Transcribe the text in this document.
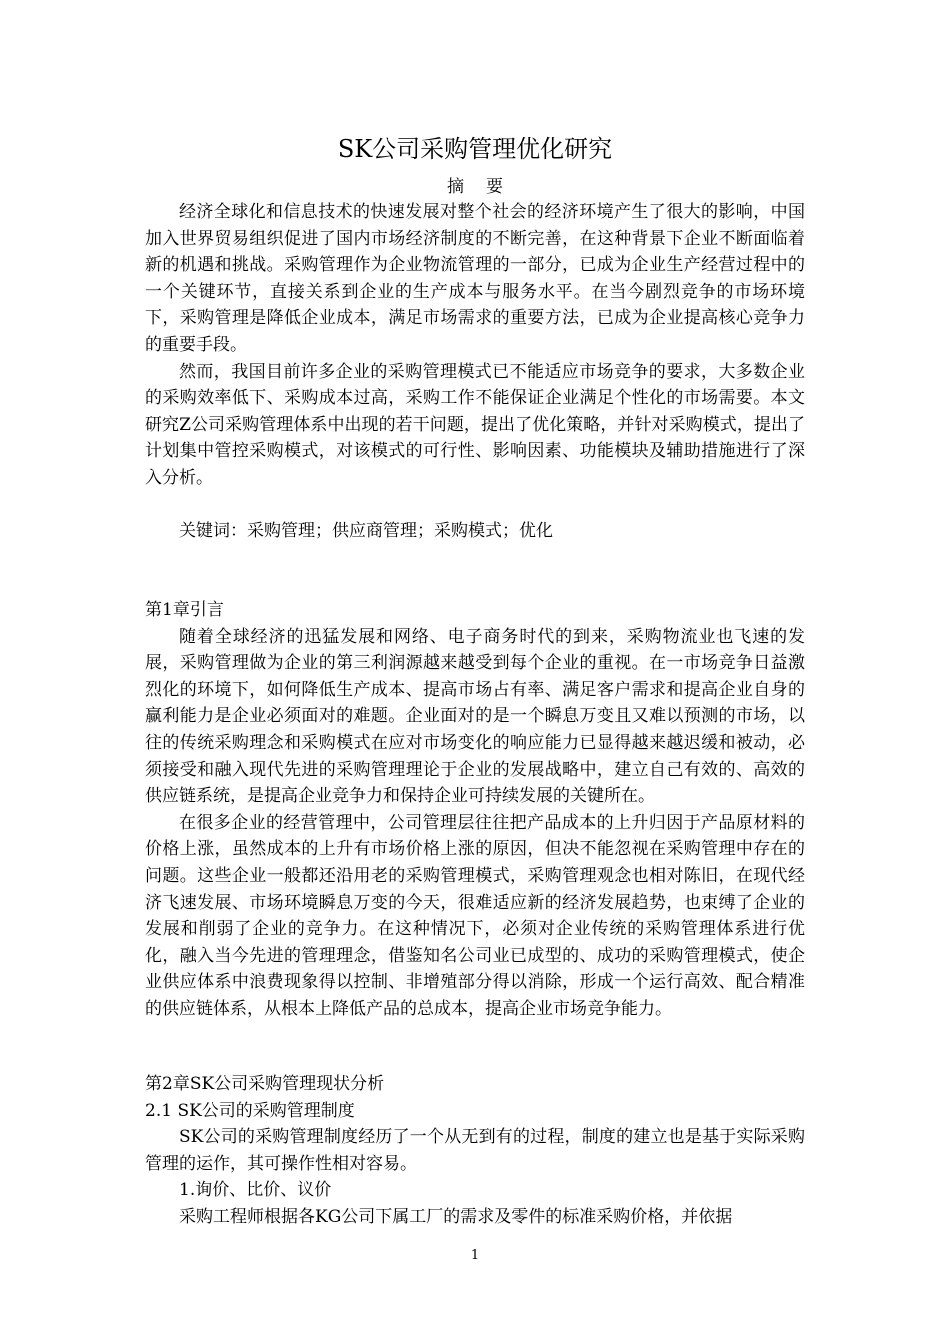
SK公司采购管理优化研究
摘要

经济全球化和信息技术的快速发展对整个社会的经济环境产生了很大的影响，中国加入世界贸易组织促进了国内市场经济制度的不断完善，在这种背景下企业不断面临着新的机遇和挑战。采购管理作为企业物流管理的一部分，已成为企业生产经营过程中的一个关键环节，直接关系到企业的生产成本与服务水平。在当今剧烈竞争的市场环境下，采购管理是降低企业成本，满足市场需求的重要方法，已成为企业提高核心竞争力的重要手段。

然而，我国目前许多企业的采购管理模式已不能适应市场竞争的要求，大多数企业的采购效率低下、采购成本过高，采购工作不能保证企业满足个性化的市场需要。本文研究Z公司采购管理体系中出现的若干问题，提出了优化策略，并针对采购模式，提出了计划集中管控采购模式，对该模式的可行性、影响因素、功能模块及辅助措施进行了深入分析。

关键词：采购管理；供应商管理；采购模式；优化

第1章引言

随着全球经济的迅猛发展和网络、电子商务时代的到来，采购物流业也飞速的发展，采购管理做为企业的第三利润源越来越受到每个企业的重视。在一市场竞争日益激烈化的环境下，如何降低生产成本、提高市场占有率、满足客户需求和提高企业自身的赢利能力是企业必须面对的难题。企业面对的是一个瞬息万变且又难以预测的市场，以往的传统采购理念和采购模式在应对市场变化的响应能力已显得越来越迟缓和被动，必须接受和融入现代先进的采购管理理论于企业的发展战略中，建立自己有效的、高效的供应链系统，是提高企业竞争力和保持企业可持续发展的关键所在。

在很多企业的经营管理中，公司管理层往往把产品成本的上升归因于产品原材料的价格上涨，虽然成本的上升有市场价格上涨的原因，但决不能忽视在采购管理中存在的问题。这些企业一般都还沿用老的采购管理模式，采购管理观念也相对陈旧，在现代经济飞速发展、市场环境瞬息万变的今天，很难适应新的经济发展趋势，也束缚了企业的发展和削弱了企业的竞争力。在这种情况下，必须对企业传统的采购管理体系进行优化，融入当今先进的管理理念，借鉴知名公司业已成型的、成功的采购管理模式，使企业供应体系中浪费现象得以控制、非增殖部分得以消除，形成一个运行高效、配合精准的供应链体系，从根本上降低产品的总成本，提高企业市场竞争能力。

第2章SK公司采购管理现状分析
2.1 SK公司的采购管理制度

SK公司的采购管理制度经历了一个从无到有的过程，制度的建立也是基于实际采购管理的运作，其可操作性相对容易。

1.询价、比价、议价

采购工程师根据各KG公司下属工厂的需求及零件的标准采购价格，并依据

1
